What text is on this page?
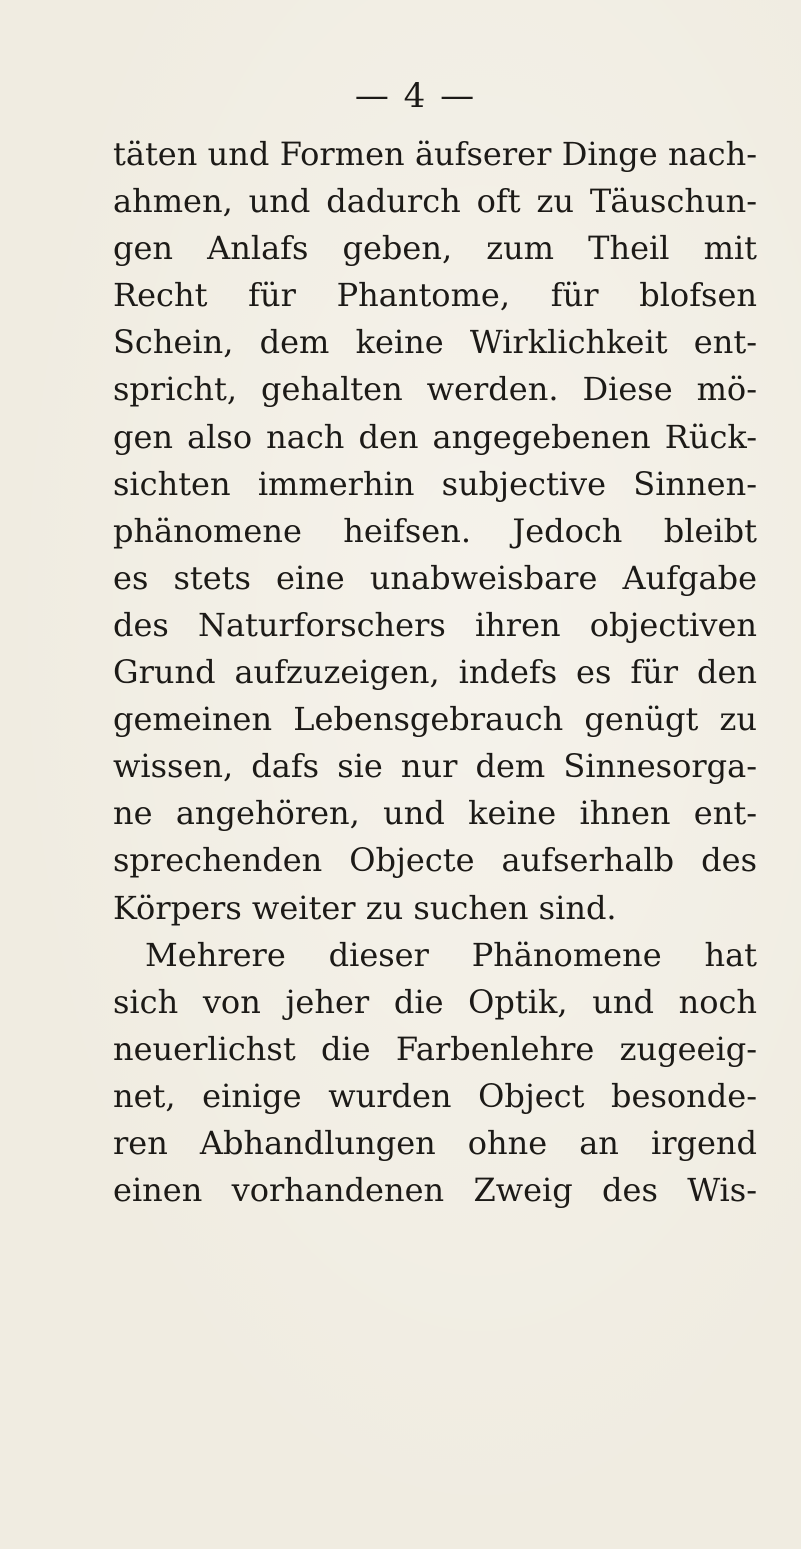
— 4 —
täten und Formen äufserer Dinge nach-
ahmen, und dadurch oft zu Täuschun-
gen Anlafs geben, zum Theil mit
Recht für Phantome, für blofsen
Schein, dem keine Wirklichkeit ent-
spricht, gehalten werden. Diese mö-
gen also nach den angegebenen Rück-
sichten immerhin subjective Sinnen-
phänomene heifsen. Jedoch bleibt
es stets eine unabweisbare Aufgabe
des Naturforschers ihren objectiven
Grund aufzuzeigen, indefs es für den
gemeinen Lebensgebrauch genügt zu
wissen, dafs sie nur dem Sinnesorga-
ne angehören, und keine ihnen ent-
sprechenden Objecte aufserhalb des
Körpers weiter zu suchen sind.
Mehrere dieser Phänomene hat
sich von jeher die Optik, und noch
neuerlichst die Farbenlehre zugeeig-
net, einige wurden Object besonde-
ren Abhandlungen ohne an irgend
einen vorhandenen Zweig des Wis-
